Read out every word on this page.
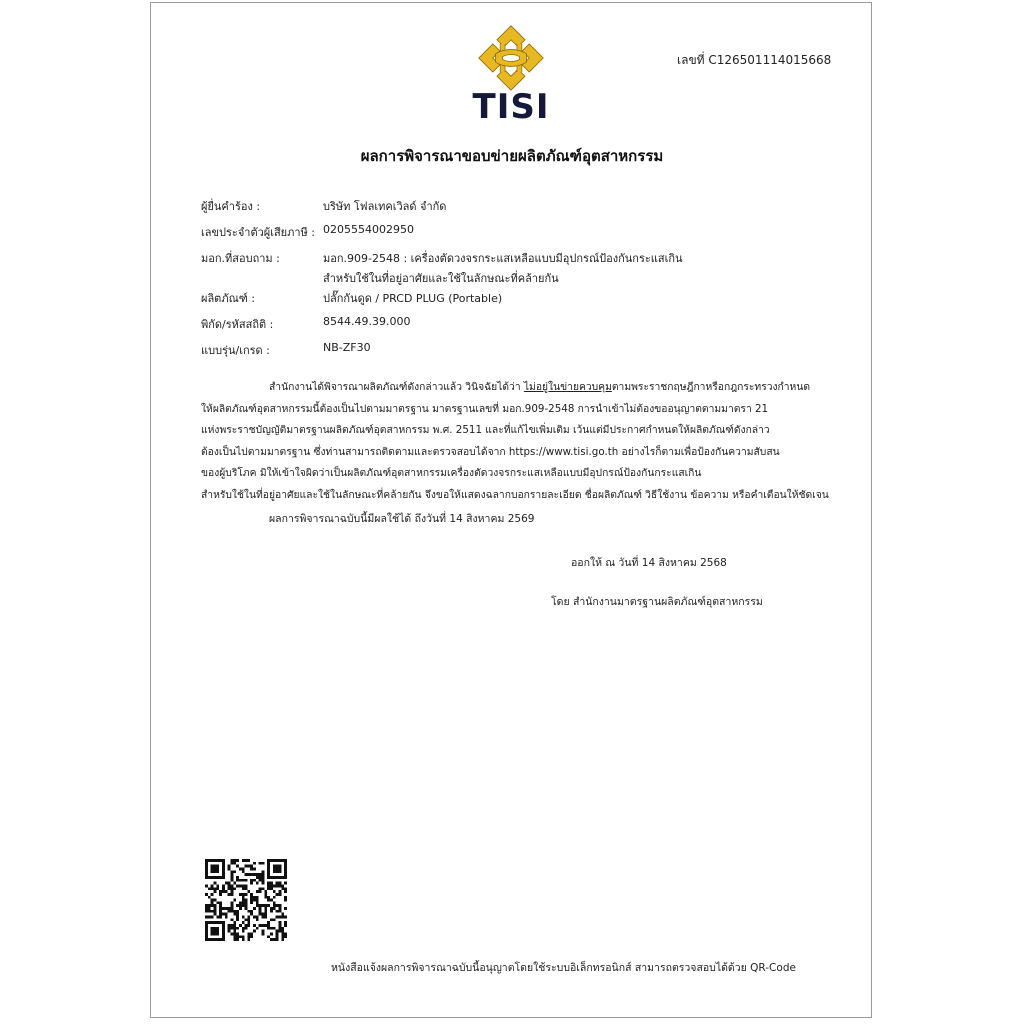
TISI
เลขที่ C126501114015668
ผลการพิจารณาขอบข่ายผลิตภัณฑ์อุตสาหกรรม
ผู้ยื่นคำร้อง :	บริษัท โฟลเทคเวิลด์ จำกัด
เลขประจำตัวผู้เสียภาษี : 0205554002950
มอก.ที่สอบถาม :	มอก.909-2548 : เครื่องตัดวงจรกระแสเหลือแบบมีอุปกรณ์ป้องกันกระแสเกิน
สำหรับใช้ในที่อยู่อาศัยและใช้ในลักษณะที่คล้ายกัน
ผลิตภัณฑ์ :	ปลั๊กกันดูด / PRCD PLUG (Portable)
พิกัด/รหัสสถิติ :	8544.49.39.000
แบบรุ่น/เกรด :	NB-ZF30
สำนักงานได้พิจารณาผลิตภัณฑ์ดังกล่าวแล้ว วินิจฉัยได้ว่า ไม่อยู่ในข่ายควบคุมตามพระราชกฤษฎีกาหรือกฎกระทรวงกำหนด
ให้ผลิตภัณฑ์อุตสาหกรรมนี้ต้องเป็นไปตามมาตรฐาน มาตรฐานเลขที่ มอก.909-2548 การนำเข้าไม่ต้องขออนุญาตตามมาตรา 21
แห่งพระราชบัญญัติมาตรฐานผลิตภัณฑ์อุตสาหกรรม พ.ศ. 2511 และที่แก้ไขเพิ่มเติม เว้นแต่มีประกาศกำหนดให้ผลิตภัณฑ์ดังกล่าว
ต้องเป็นไปตามมาตรฐาน ซึ่งท่านสามารถติดตามและตรวจสอบได้จาก https://www.tisi.go.th อย่างไรก็ตามเพื่อป้องกันความสับสน
ของผู้บริโภค มิให้เข้าใจผิดว่าเป็นผลิตภัณฑ์อุตสาหกรรมเครื่องตัดวงจรกระแสเหลือแบบมีอุปกรณ์ป้องกันกระแสเกิน
สำหรับใช้ในที่อยู่อาศัยและใช้ในลักษณะที่คล้ายกัน จึงขอให้แสดงฉลากบอกรายละเอียด ชื่อผลิตภัณฑ์ วิธีใช้งาน ข้อความ หรือคำเตือนให้ชัดเจน
ผลการพิจารณาฉบับนี้มีผลใช้ได้ ถึงวันที่ 14 สิงหาคม 2569
ออกให้ ณ วันที่ 14 สิงหาคม 2568
โดย สำนักงานมาตรฐานผลิตภัณฑ์อุตสาหกรรม
หนังสือแจ้งผลการพิจารณาฉบับนี้อนุญาตโดยใช้ระบบอิเล็กทรอนิกส์ สามารถตรวจสอบได้ด้วย QR-Code
